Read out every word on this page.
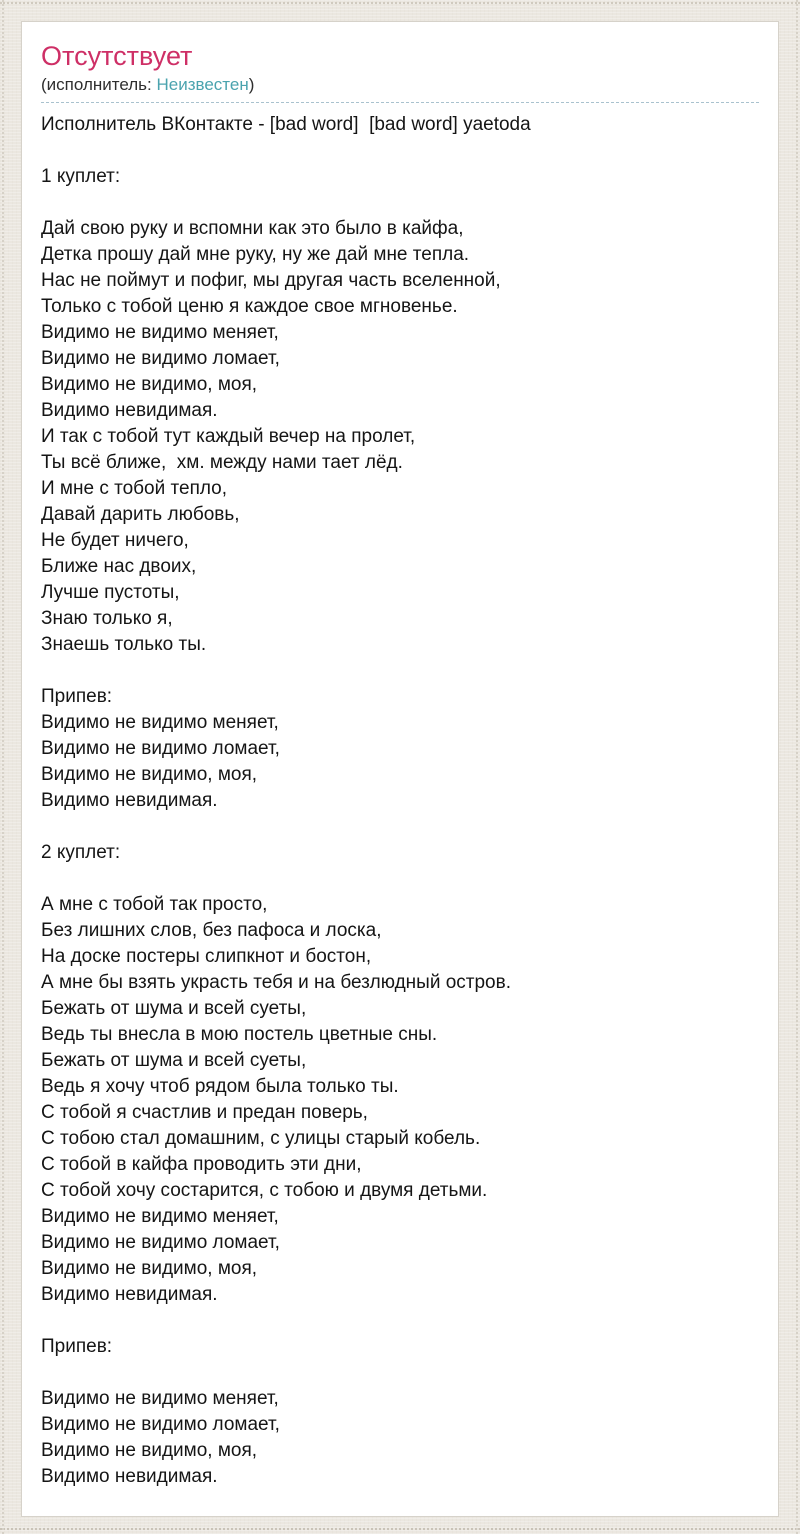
Отсутствует
(исполнитель: Неизвестен)
Исполнитель ВКонтакте - [bad word]  [bad word] yaetoda
1 куплет:
Дай свою руку и вспомни как это было в кайфа,
Детка прошу дай мне руку, ну же дай мне тепла.
Нас не поймут и пофиг, мы другая часть вселенной,
Только с тобой ценю я каждое свое мгновенье.
Видимо не видимо меняет,
Видимо не видимо ломает,
Видимо не видимо, моя,
Видимо невидимая.
И так с тобой тут каждый вечер на пролет,
Ты всё ближе,  хм. между нами тает лёд.
И мне с тобой тепло,
Давай дарить любовь,
Не будет ничего,
Ближе нас двоих,
Лучше пустоты,
Знаю только я,
Знаешь только ты.
Припев:
Видимо не видимо меняет,
Видимо не видимо ломает,
Видимо не видимо, моя,
Видимо невидимая.
2 куплет:
А мне с тобой так просто,
Без лишних слов, без пафоса и лоска,
На доске постеры слипкнот и бостон,
А мне бы взять украсть тебя и на безлюдный остров.
Бежать от шума и всей суеты,
Ведь ты внесла в мою постель цветные сны.
Бежать от шума и всей суеты,
Ведь я хочу чтоб рядом была только ты.
С тобой я счастлив и предан поверь,
С тобою стал домашним, с улицы старый кобель.
С тобой в кайфа проводить эти дни,
С тобой хочу состарится, с тобою и двумя детьми.
Видимо не видимо меняет,
Видимо не видимо ломает,
Видимо не видимо, моя,
Видимо невидимая.
Припев:
Видимо не видимо меняет,
Видимо не видимо ломает,
Видимо не видимо, моя,
Видимо невидимая.
